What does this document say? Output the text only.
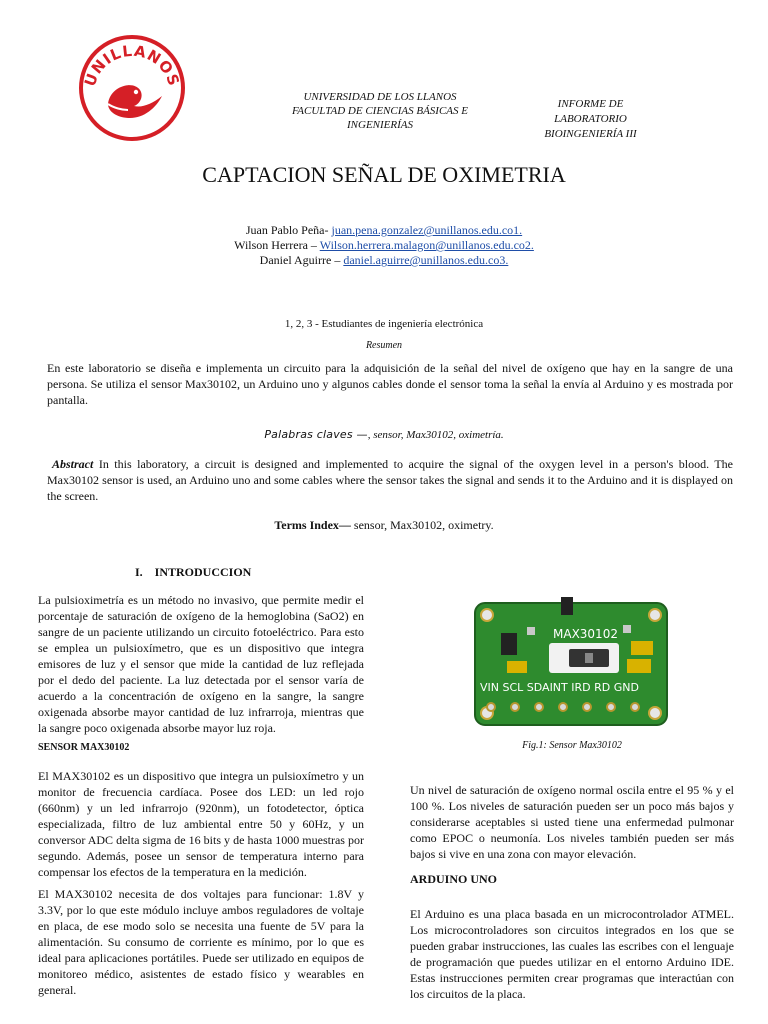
UNILLANOS
UNIVERSIDAD DE LOS LLANOS
FACULTAD DE CIENCIAS BÁSICAS E
INGENIERÍAS
INFORME DE
LABORATORIO
BIOINGENIERÍA III
CAPTACION SEÑAL DE OXIMETRIA
Juan Pablo Peña- juan.pena.gonzalez@unillanos.edu.co1.
Wilson Herrera – Wilson.herrera.malagon@unillanos.edu.co2.
Daniel Aguirre – daniel.aguirre@unillanos.edu.co3.
1, 2, 3 - Estudiantes de ingeniería electrónica
Resumen
En este laboratorio se diseña e implementa un circuito para la adquisición de la señal del nivel de oxígeno que hay en la sangre de una persona. Se utiliza el sensor Max30102, un Arduino uno y algunos cables donde el sensor toma la señal la envía al Arduino y es mostrada por pantalla.
Palabras claves —, sensor, Max30102, oximetría.
Abstract In this laboratory, a circuit is designed and implemented to acquire the signal of the oxygen level in a person's blood. The Max30102 sensor is used, an Arduino uno and some cables where the sensor takes the signal and sends it to the Arduino and it is displayed on the screen.
Terms Index— sensor, Max30102, oximetry.
I.    INTRODUCCION
La pulsioximetría es un método no invasivo, que permite medir el porcentaje de saturación de oxígeno de la hemoglobina (SaO2) en sangre de un paciente utilizando un circuito fotoeléctrico. Para esto se emplea un pulsioxímetro, que es un dispositivo que integra emisores de luz y el sensor que mide la cantidad de luz reflejada por el dedo del paciente. La luz detectada por el sensor varía de acuerdo a la concentración de oxígeno en la sangre, la sangre oxigenada absorbe mayor cantidad de luz infrarroja, mientras que la sangre poco oxigenada absorbe mayor luz roja.
SENSOR MAX30102
El MAX30102 es un dispositivo que integra un pulsioxímetro y un monitor de frecuencia cardíaca. Posee dos LED: un led rojo (660nm) y un led infrarrojo (920nm), un fotodetector, óptica especializada, filtro de luz ambiental entre 50 y 60Hz, y un conversor ADC delta sigma de 16 bits y de hasta 1000 muestras por segundo. Además, posee un sensor de temperatura interno para compensar los efectos de la temperatura en la medición.
El MAX30102 necesita de dos voltajes para funcionar: 1.8V y 3.3V, por lo que este módulo incluye ambos reguladores de voltaje en placa, de ese modo solo se necesita una fuente de 5V para la alimentación. Su consumo de corriente es mínimo, por lo que es ideal para aplicaciones portátiles. Puede ser utilizado en equipos de monitoreo médico, asistentes de estado físico y wearables en general.
MAX30102
VIN SCL SDAINT IRD RD GND
Fig.1: Sensor Max30102
Un nivel de saturación de oxígeno normal oscila entre el 95 % y el 100 %. Los niveles de saturación pueden ser un poco más bajos y considerarse aceptables si usted tiene una enfermedad pulmonar como EPOC o neumonía. Los niveles también pueden ser más bajos si vive en una zona con mayor elevación.
ARDUINO UNO
El Arduino es una placa basada en un microcontrolador ATMEL. Los microcontroladores son circuitos integrados en los que se pueden grabar instrucciones, las cuales las escribes con el lenguaje de programación que puedes utilizar en el entorno Arduino IDE. Estas instrucciones permiten crear programas que interactúan con los circuitos de la placa.
